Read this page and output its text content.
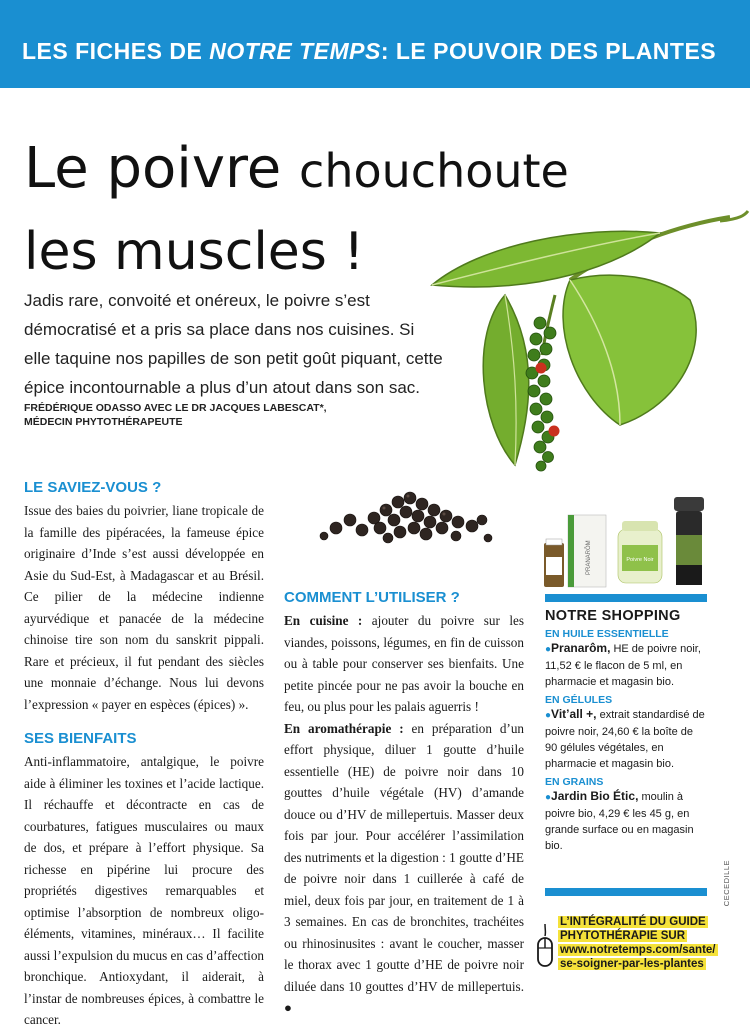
LES FICHES DE NOTRE TEMPS: LE POUVOIR DES PLANTES
Le poivre chouchoute
les muscles !

Jadis rare, convoité et onéreux, le poivre s’est démocratisé et a pris sa place dans nos cuisines. Si elle taquine nos papilles de son petit goût piquant, cette épice incontournable a plus d’un atout dans son sac.

FRÉDÉRIQUE ODASSO AVEC LE DR JACQUES LABESCAT*,
MÉDECIN PHYTOTHÉRAPEUTE
LE SAVIEZ-VOUS ?

Issue des baies du poivrier, liane tropicale de la famille des pipéracées, la fameuse épice originaire d’Inde s’est aussi développée en Asie du Sud-Est, à Madagascar et au Brésil. Ce pilier de la médecine indienne ayurvédique et panacée de la médecine chinoise tire son nom du sanskrit pippali. Rare et précieux, il fut pendant des siècles une monnaie d’échange. Nous lui devons l’expression « payer en espèces (épices) ».

SES BIENFAITS

Anti-inflammatoire, antalgique, le poivre aide à éliminer les toxines et l’acide lactique. Il réchauffe et décontracte en cas de courbatures, fatigues musculaires ou maux de dos, et prépare à l’effort physique. Sa richesse en pipérine lui procure des propriétés digestives remarquables et optimise l’absorption de nombreux oligo-éléments, vitamines, minéraux… Il facilite aussi l’expulsion du mucus en cas d’affection bronchique. Antioxydant, il aiderait, à l’instar de nombreuses épices, à combattre le cancer.

COMMENT L’UTILISER ?

En cuisine : ajouter du poivre sur les viandes, poissons, légumes, en fin de cuisson ou à table pour conserver ses bienfaits. Une petite pincée pour ne pas avoir la bouche en feu, ou plus pour les palais aguerris !

En aromathérapie : en préparation d’un effort physique, diluer 1 goutte d’huile essentielle (HE) de poivre noir dans 10 gouttes d’huile végétale (HV) d’amande douce ou d’HV de millepertuis. Masser deux fois par jour. Pour accélérer l’assimilation des nutriments et la digestion : 1 goutte d’HE de poivre noir dans 1 cuillerée à café de miel, deux fois par jour, en traitement de 1 à 3 semaines. En cas de bronchites, trachéites ou rhinosinusites : avant le coucher, masser le thorax avec 1 goutte d’HE de poivre noir diluée dans 10 gouttes d’HV de millepertuis. ●

PRANARÔM	Poivre Noir
NOTRE SHOPPING
EN HUILE ESSENTIELLE
●Pranarôm, HE de poivre noir, 11,52 € le flacon de 5 ml, en pharmacie et magasin bio.
EN GÉLULES
●Vit’all +, extrait standardisé de poivre noir, 24,60 € la boîte de 90 gélules végétales, en pharmacie et magasin bio.
EN GRAINS
●Jardin Bio Étic, moulin à poivre bio, 4,29 € les 45 g, en grande surface ou en magasin bio.
CECEDILLE
L’INTÉGRALITÉ DU GUIDE
PHYTOTHÉRAPIE SUR
www.notretemps.com/sante/
se-soigner-par-les-plantes
